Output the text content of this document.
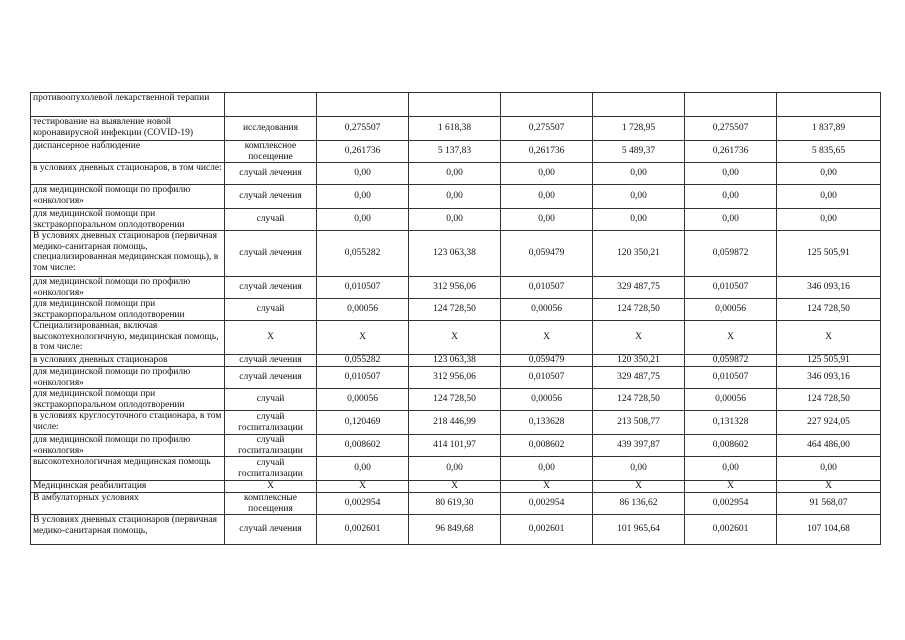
противоопухолевой лекарственной терапии							
тестирование на выявление новой коронавирусной инфекции (COVID-19)	исследования	0,275507	1 618,38	0,275507	1 728,95	0,275507	1 837,89
диспансерное наблюдение	комплексное посещение	0,261736	5 137,83	0,261736	5 489,37	0,261736	5 835,65
в условиях дневных стационаров, в том числе:	случай лечения	0,00	0,00	0,00	0,00	0,00	0,00
для медицинской помощи по профилю «онкология»	случай лечения	0,00	0,00	0,00	0,00	0,00	0,00
для медицинской помощи при экстракорпоральном оплодотворении	случай	0,00	0,00	0,00	0,00	0,00	0,00
В условиях дневных стационаров (первичная медико-санитарная помощь, специализированная медицинская помощь), в том числе:	случай лечения	0,055282	123 063,38	0,059479	120 350,21	0,059872	125 505,91
для медицинской помощи по профилю «онкология»	случай лечения	0,010507	312 956,06	0,010507	329 487,75	0,010507	346 093,16
для медицинской помощи при экстракорпоральном оплодотворении	случай	0,00056	124 728,50	0,00056	124 728,50	0,00056	124 728,50
Специализированная, включая высокотехнологичную, медицинская помощь, в том числе:	Х	Х	Х	Х	Х	Х	Х
в условиях дневных стационаров	случай лечения	0,055282	123 063,38	0,059479	120 350,21	0,059872	125 505,91
для медицинской помощи по профилю «онкология»	случай лечения	0,010507	312 956,06	0,010507	329 487,75	0,010507	346 093,16
для медицинской помощи при экстракорпоральном оплодотворении	случай	0,00056	124 728,50	0,00056	124 728,50	0,00056	124 728,50
в условиях круглосуточного стационара, в том числе:	случай госпитализации	0,120469	218 446,99	0,133628	213 508,77	0,131328	227 924,05
для медицинской помощи по профилю «онкология»	случай госпитализации	0,008602	414 101,97	0,008602	439 397,87	0,008602	464 486,00
высокотехнологичная медицинская помощь	случай госпитализации	0,00	0,00	0,00	0,00	0,00	0,00
Медицинская реабилитация	Х	Х	Х	Х	Х	Х	Х
В амбулаторных условиях	комплексные посещения	0,002954	80 619,30	0,002954	86 136,62	0,002954	91 568,07
В условиях дневных стационаров (первичная медико-санитарная помощь,	случай лечения	0,002601	96 849,68	0,002601	101 965,64	0,002601	107 104,68
